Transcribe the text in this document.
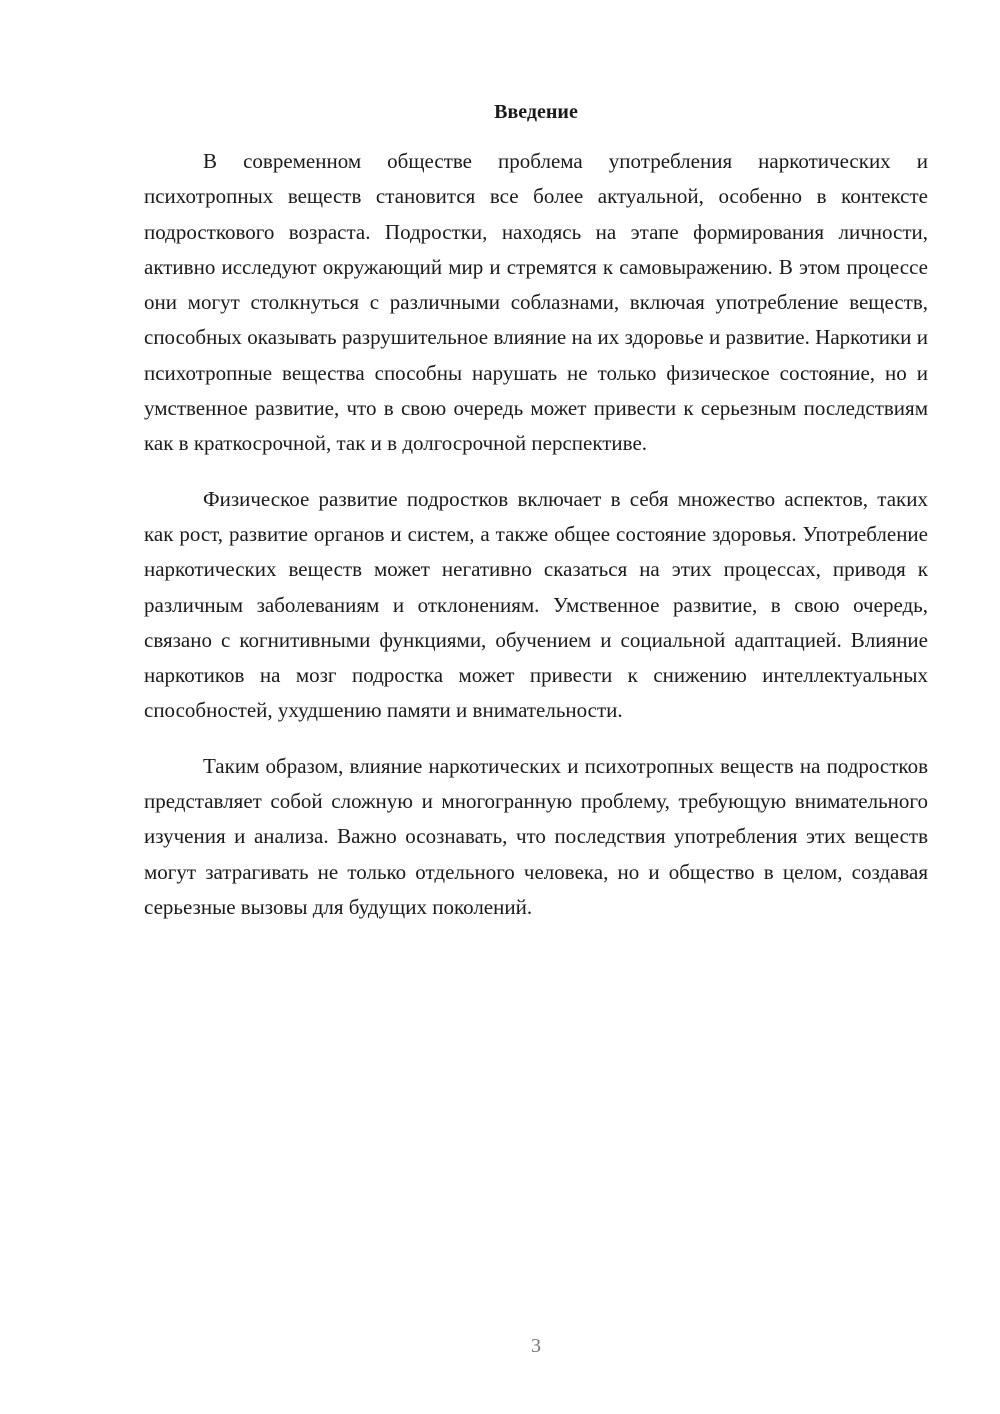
Введение

В современном обществе проблема употребления наркотических и психотропных веществ становится все более актуальной, особенно в контексте подросткового возраста. Подростки, находясь на этапе формирования личности, активно исследуют окружающий мир и стремятся к самовыражению. В этом процессе они могут столкнуться с различными соблазнами, включая употребление веществ, способных оказывать разрушительное влияние на их здоровье и развитие. Наркотики и психотропные вещества способны нарушать не только физическое состояние, но и умственное развитие, что в свою очередь может привести к серьезным последствиям как в краткосрочной, так и в долгосрочной перспективе.

Физическое развитие подростков включает в себя множество аспектов, таких как рост, развитие органов и систем, а также общее состояние здоровья. Употребление наркотических веществ может негативно сказаться на этих процессах, приводя к различным заболеваниям и отклонениям. Умственное развитие, в свою очередь, связано с когнитивными функциями, обучением и социальной адаптацией. Влияние наркотиков на мозг подростка может привести к снижению интеллектуальных способностей, ухудшению памяти и внимательности.

Таким образом, влияние наркотических и психотропных веществ на подростков представляет собой сложную и многогранную проблему, требующую внимательного изучения и анализа. Важно осознавать, что последствия употребления этих веществ могут затрагивать не только отдельного человека, но и общество в целом, создавая серьезные вызовы для будущих поколений.

3
